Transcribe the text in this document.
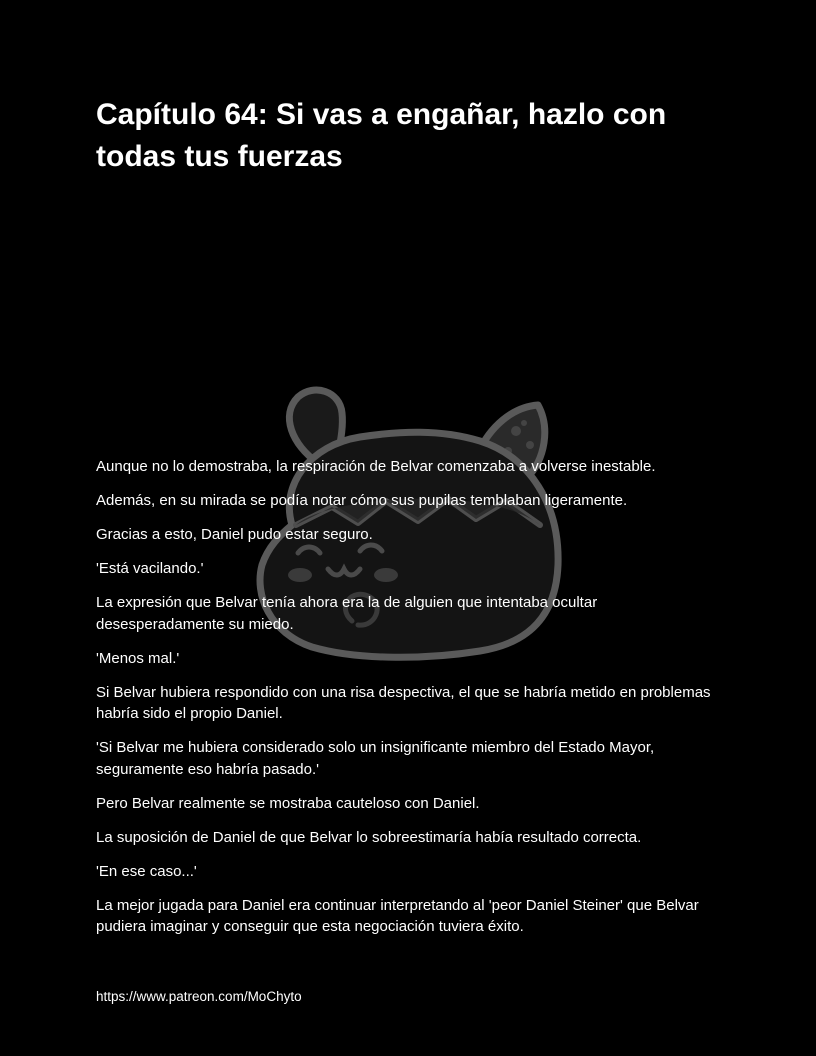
Capítulo 64: Si vas a engañar, hazlo con todas tus fuerzas

Aunque no lo demostraba, la respiración de Belvar comenzaba a volverse inestable.

Además, en su mirada se podía notar cómo sus pupilas temblaban ligeramente.

Gracias a esto, Daniel pudo estar seguro.

'Está vacilando.'

La expresión que Belvar tenía ahora era la de alguien que intentaba ocultar desesperadamente su miedo.

'Menos mal.'

Si Belvar hubiera respondido con una risa despectiva, el que se habría metido en problemas habría sido el propio Daniel.

'Si Belvar me hubiera considerado solo un insignificante miembro del Estado Mayor, seguramente eso habría pasado.'

Pero Belvar realmente se mostraba cauteloso con Daniel.

La suposición de Daniel de que Belvar lo sobreestimaría había resultado correcta.

'En ese caso...'

La mejor jugada para Daniel era continuar interpretando al 'peor Daniel Steiner' que Belvar pudiera imaginar y conseguir que esta negociación tuviera éxito.

https://www.patreon.com/MoChyto
